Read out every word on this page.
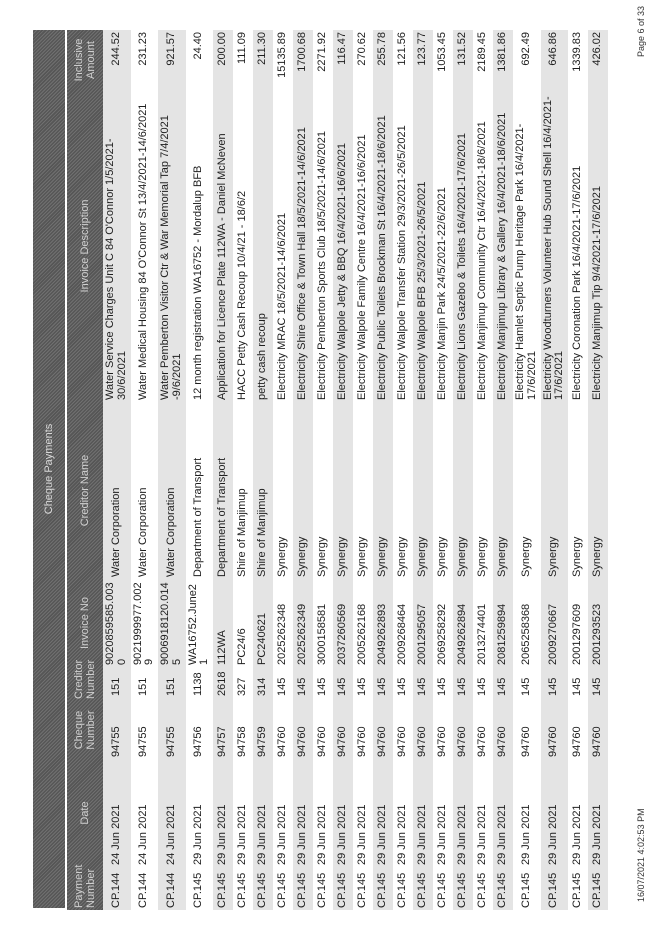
Cheque Payments
Payment Number	Date	Cheque Number	Creditor Number	Invoice No	Creditor Name	Invoice Description	Inclusive Amount
CP.144	24 Jun 2021	94755	151	9020859585.0030	Water Corporation	Water Service Charges Unit C 84 O'Connor 1/5/2021-30/6/2021	244.52
CP.144	24 Jun 2021	94755	151	9021999977.0029	Water Corporation	Water Medical Housing 84 O'Connor St 13/4/2021-14/6/2021	231.23
CP.144	24 Jun 2021	94755	151	9006918120.0145	Water Corporation	Water Pemberton Visitor Ctr & War Memorial Tap 7/4/2021 -9/6/2021	921.57
CP.145	29 Jun 2021	94756	1138	WA16752.June21	Department of Transport	12 month registration WA16752 - Mordalup BFB	24.40
CP.145	29 Jun 2021	94757	2618	112WA	Department of Transport	Application for Licence Plate 112WA - Daniel McNeven	200.00
CP.145	29 Jun 2021	94758	327	PC24/6	Shire of Manjimup	HACC Petty Cash Recoup 10/4/21 - 18/6/2	111.09
CP.145	29 Jun 2021	94759	314	PC240621	Shire of Manjimup	petty cash recoup	211.30
CP.145	29 Jun 2021	94760	145	2025262348	Synergy	Electricity MRAC 18/5/2021-14/6/2021	15135.89
CP.145	29 Jun 2021	94760	145	2025262349	Synergy	Electricity Shire Office & Town Hall 18/5/2021-14/6/2021	1700.68
CP.145	29 Jun 2021	94760	145	3000158581	Synergy	Electricity Pemberton Sports Club 18/5/2021-14/6/2021	2271.92
CP.145	29 Jun 2021	94760	145	2037260569	Synergy	Electricity Walpole Jetty & BBQ 16/4/2021-16/6/2021	116.47
CP.145	29 Jun 2021	94760	145	2005262168	Synergy	Electricity Walpole Family Centre 16/4/2021-16/6/2021	270.62
CP.145	29 Jun 2021	94760	145	2049262893	Synergy	Electricity Public Toilets Brockman St 16/4/2021-18/6/2021	255.78
CP.145	29 Jun 2021	94760	145	2009268464	Synergy	Electricity Walpole Transfer Station 29/3/2021-26/5/2021	121.56
CP.145	29 Jun 2021	94760	145	2001295057	Synergy	Electricity Walpole BFB 25/3/2021-26/5/2021	123.77
CP.145	29 Jun 2021	94760	145	2069258292	Synergy	Electricity Manjin Park 24/5/2021-22/6/2021	1053.45
CP.145	29 Jun 2021	94760	145	2049262894	Synergy	Electricity Lions Gazebo & Toilets 16/4/2021-17/6/2021	131.52
CP.145	29 Jun 2021	94760	145	2013274401	Synergy	Electricity Manjimup Community Ctr 16/4/2021-18/6/2021	2189.45
CP.145	29 Jun 2021	94760	145	2081259894	Synergy	Electricity Manjimup Library & Gallery 16/4/2021-18/6/2021	1381.86
CP.145	29 Jun 2021	94760	145	2065258368	Synergy	Electricity Hamlet Septic Pump Heritage Park 16/4/2021-17/6/2021	692.49
CP.145	29 Jun 2021	94760	145	2009270667	Synergy	Electricity Woodturners Volunteer Hub Sound Shell 16/4/2021-17/6/2021	646.86
CP.145	29 Jun 2021	94760	145	2001297609	Synergy	Electricity Coronation Park 16/4/2021-17/6/2021	1339.83
CP.145	29 Jun 2021	94760	145	2001293523	Synergy	Electricity Manjimup Tip 9/4/2021-17/6/2021	426.02
16/07/2021 4:02:53 PM
Page 6 of 33
